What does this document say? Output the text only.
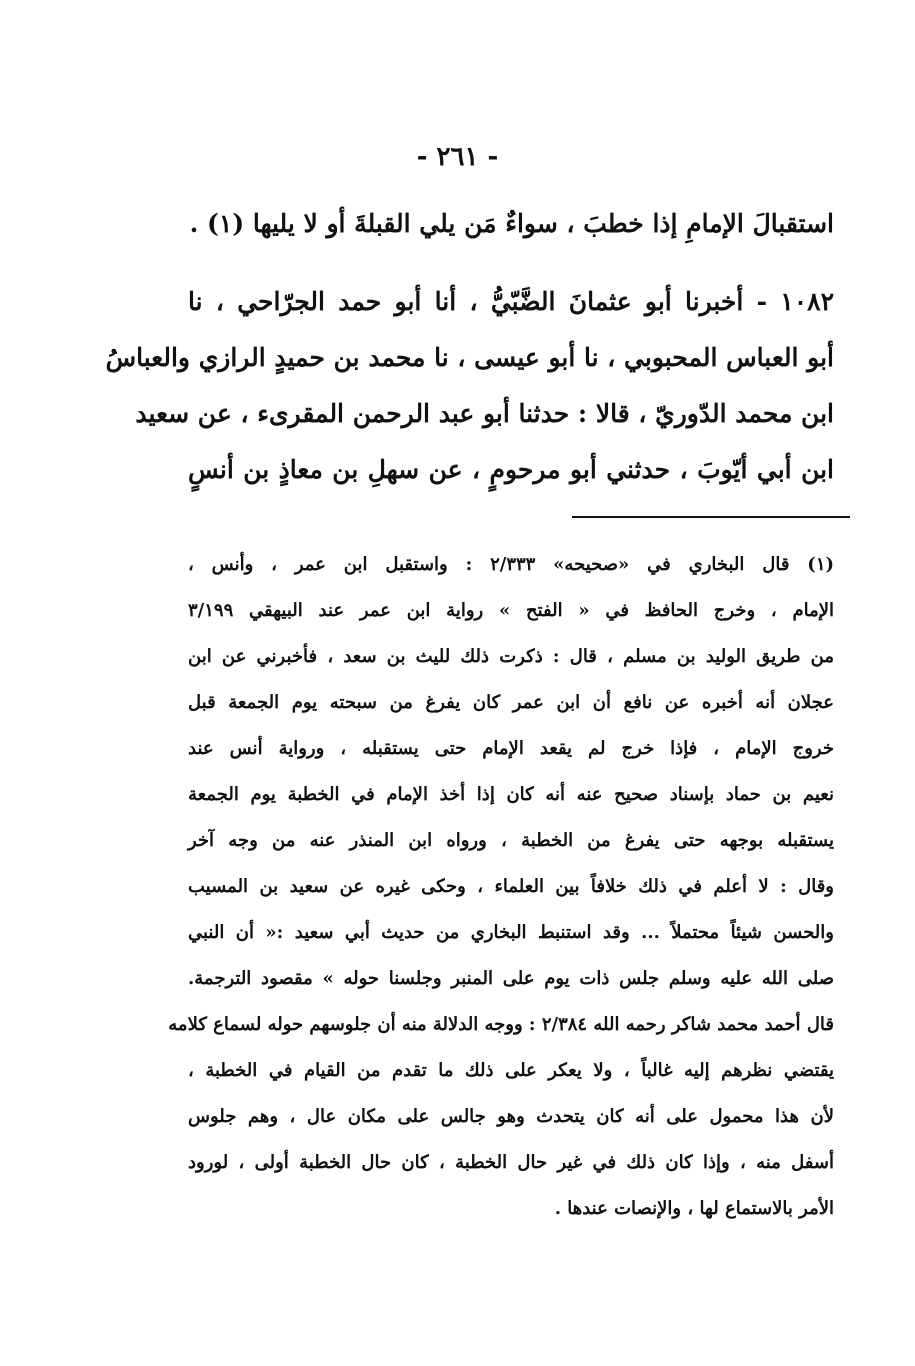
- ٢٦١ -
استقبالَ الإمامِ إذا خطبَ ، سواءٌ مَن يلي القبلةَ أو لا يليها (١) .
١٠٨٢ - أخبرنا أبو عثمانَ الضَّبّيُّ ، أنا أبو حمد الجرّاحي ، نا
أبو العباس المحبوبي ، نا أبو عيسى ، نا محمد بن حميدٍ الرازي والعباسُ
ابن محمد الدّوريّ ، قالا : حدثنا أبو عبد الرحمن المقرىء ، عن سعيد
ابن أبي أيّوبَ ، حدثني أبو مرحومٍ ، عن سهلِ بن معاذٍ بن أنسٍ
(١) قال البخاري في «صحيحه» ٢/٣٣٣ : واستقبل ابن عمر ، وأنس ،
الإمام ، وخرج الحافظ في « الفتح » رواية ابن عمر عند البيهقي ٣/١٩٩
من طريق الوليد بن مسلم ، قال : ذكرت ذلك لليث بن سعد ، فأخبرني عن ابن
عجلان أنه أخبره عن نافع أن ابن عمر كان يفرغ من سبحته يوم الجمعة قبل
خروج الإمام ، فإذا خرج لم يقعد الإمام حتى يستقبله ، ورواية أنس عند
نعيم بن حماد بإسناد صحيح عنه أنه كان إذا أخذ الإمام في الخطبة يوم الجمعة
يستقبله بوجهه حتى يفرغ من الخطبة ، ورواه ابن المنذر عنه من وجه آخر
وقال : لا أعلم في ذلك خلافاً بين العلماء ، وحكى غيره عن سعيد بن المسيب
والحسن شيئاً محتملاً ... وقد استنبط البخاري من حديث أبي سعيد :« أن النبي
صلى الله عليه وسلم جلس ذات يوم على المنبر وجلسنا حوله » مقصود الترجمة.
قال أحمد محمد شاكر رحمه الله ٢/٣٨٤ : ووجه الدلالة منه أن جلوسهم حوله لسماع كلامه
يقتضي نظرهم إليه غالباً ، ولا يعكر على ذلك ما تقدم من القيام في الخطبة ،
لأن هذا محمول على أنه كان يتحدث وهو جالس على مكان عال ، وهم جلوس
أسفل منه ، وإذا كان ذلك في غير حال الخطبة ، كان حال الخطبة أولى ، لورود
الأمر بالاستماع لها ، والإنصات عندها .
